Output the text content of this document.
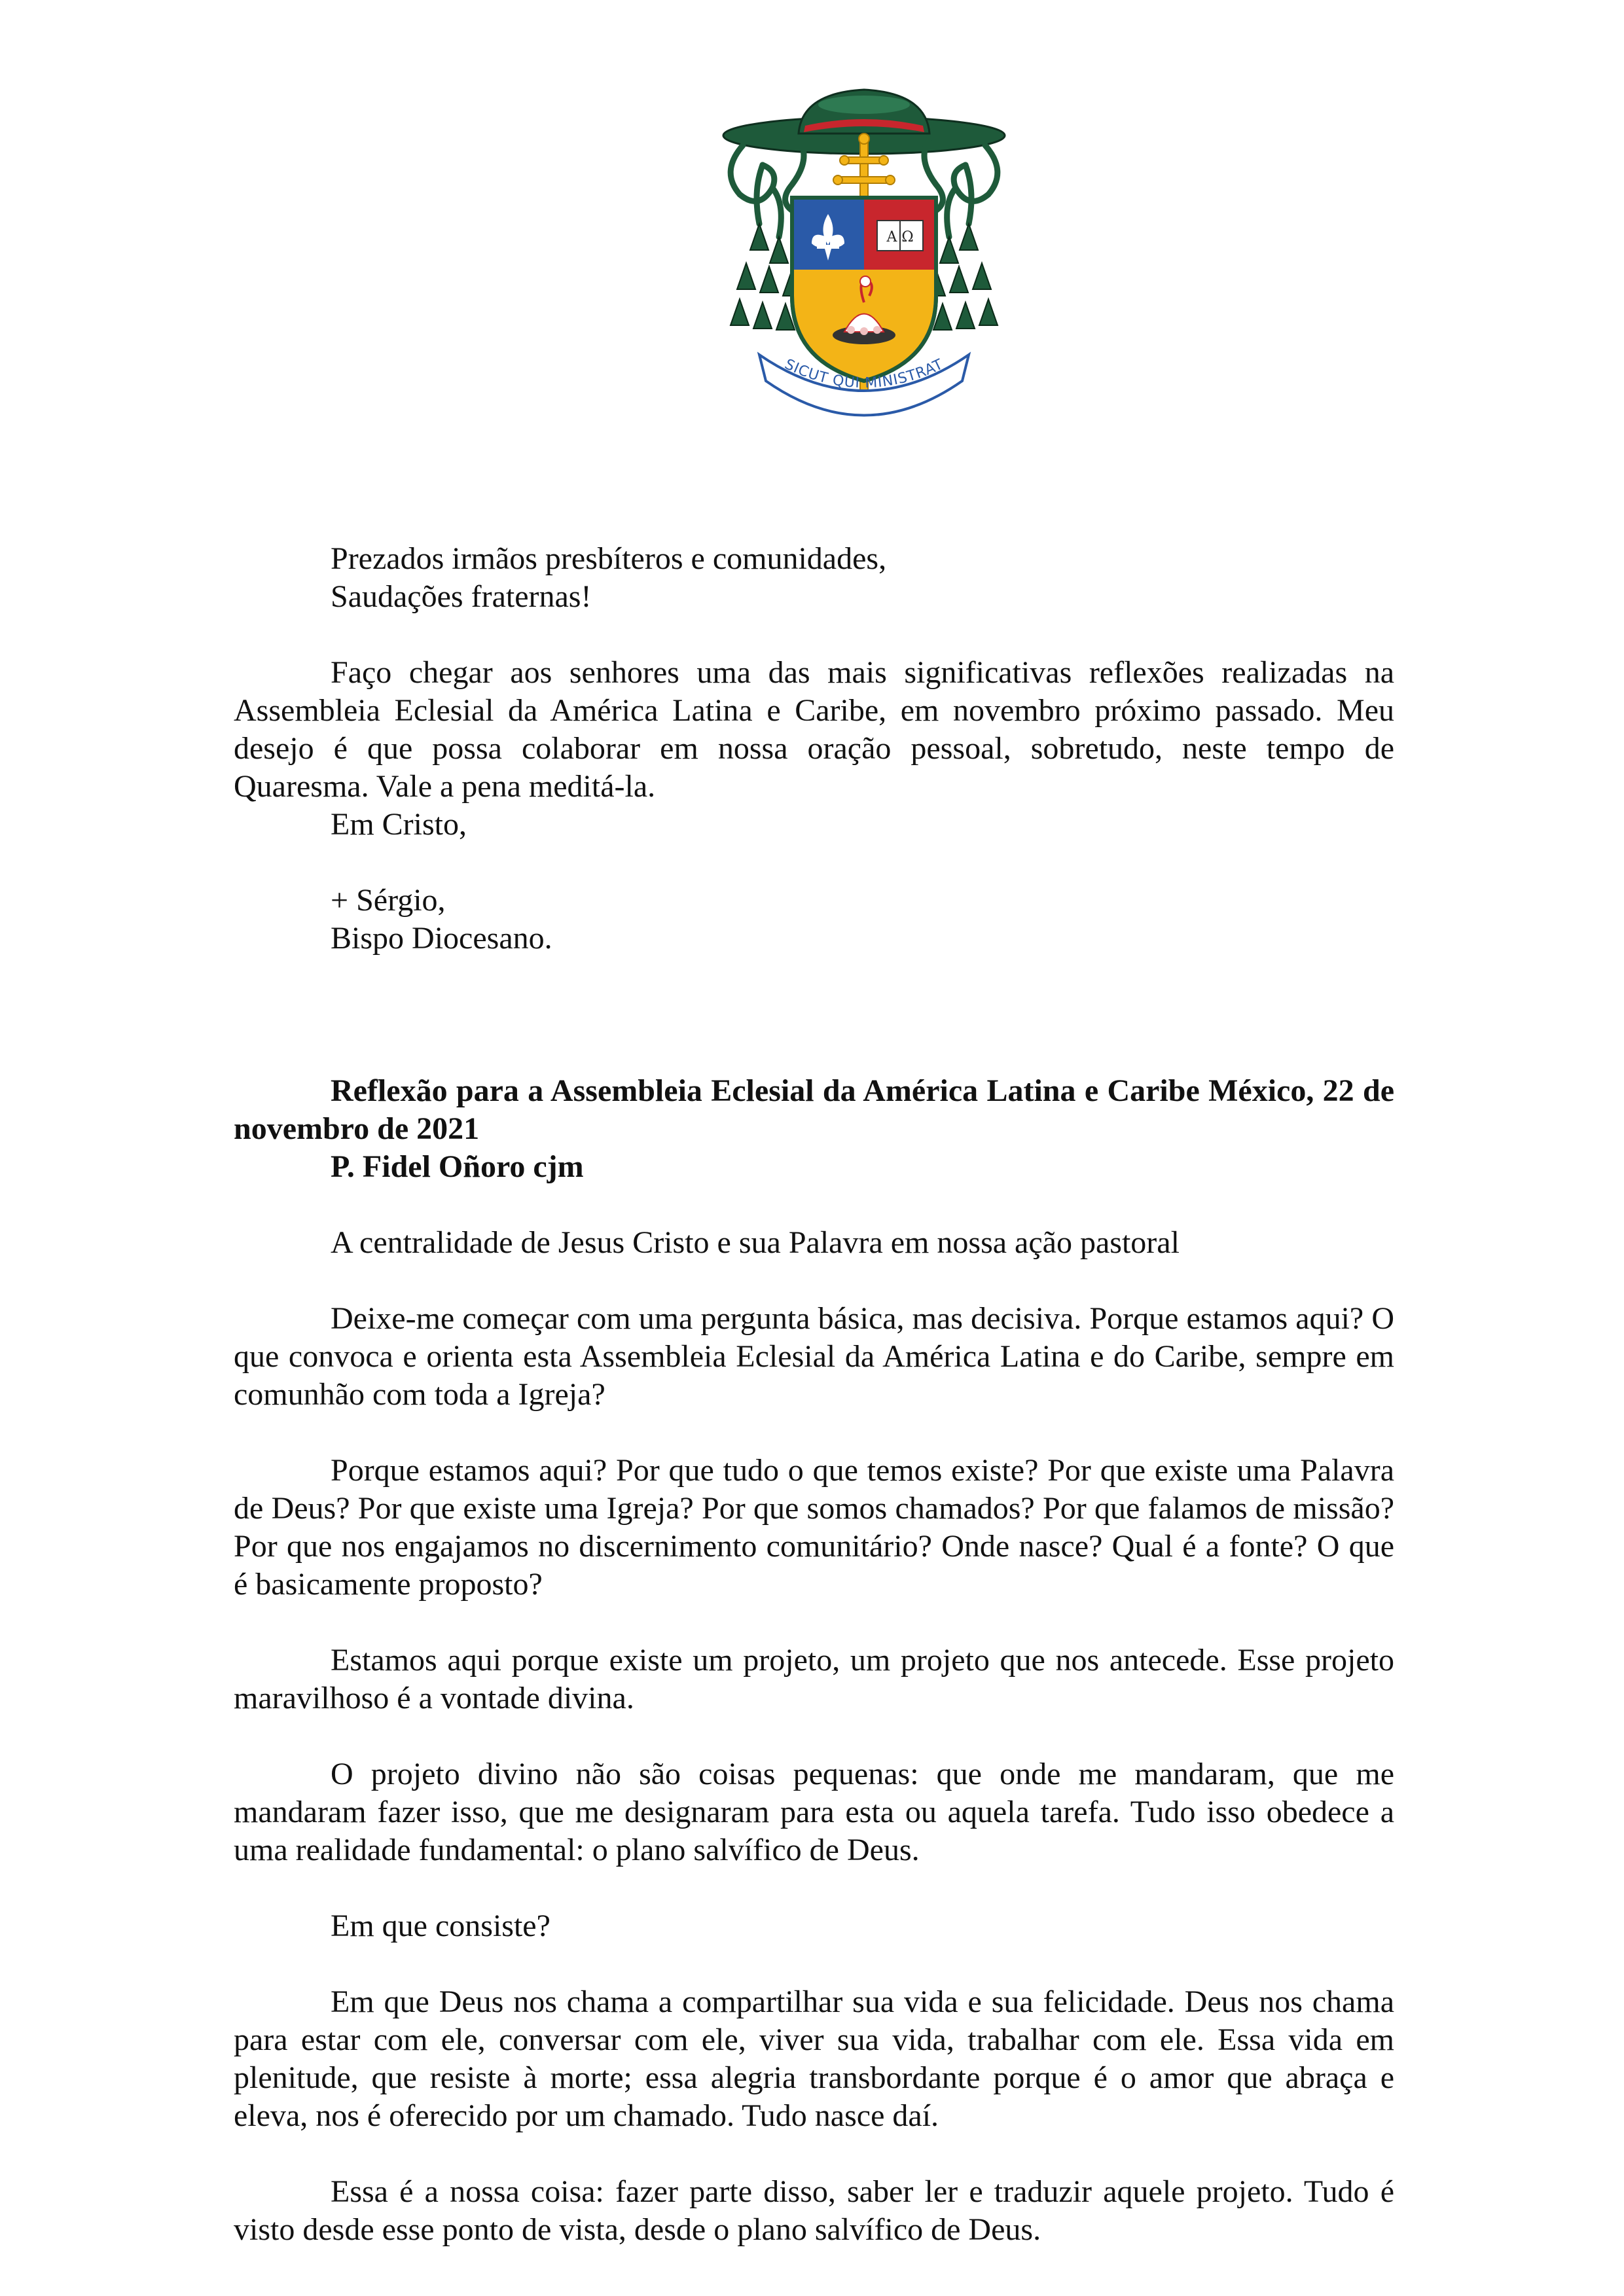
Α Ω
SICUT QUI MINISTRAT
Prezados irmãos presbíteros e comunidades,
Saudações fraternas!

Faço chegar aos senhores uma das mais significativas reflexões realizadas na Assembleia Eclesial da América Latina e Caribe, em novembro próximo passado. Meu desejo é que possa colaborar em nossa oração pessoal, sobretudo, neste tempo de Quaresma. Vale a pena meditá-la.

Em Cristo,
+ Sérgio,
Bispo Diocesano.

Reflexão para a Assembleia Eclesial da América Latina e Caribe México, 22 de novembro de 2021

P. Fidel Oñoro cjm
A centralidade de Jesus Cristo e sua Palavra em nossa ação pastoral

Deixe-me começar com uma pergunta básica, mas decisiva. Porque estamos aqui? O que convoca e orienta esta Assembleia Eclesial da América Latina e do Caribe, sempre em comunhão com toda a Igreja?

Porque estamos aqui? Por que tudo o que temos existe? Por que existe uma Palavra de Deus? Por que existe uma Igreja? Por que somos chamados? Por que falamos de missão? Por que nos engajamos no discernimento comunitário? Onde nasce? Qual é a fonte? O que é basicamente proposto?

Estamos aqui porque existe um projeto, um projeto que nos antecede. Esse projeto maravilhoso é a vontade divina.

O projeto divino não são coisas pequenas: que onde me mandaram, que me mandaram fazer isso, que me designaram para esta ou aquela tarefa. Tudo isso obedece a uma realidade fundamental: o plano salvífico de Deus.

Em que consiste?

Em que Deus nos chama a compartilhar sua vida e sua felicidade. Deus nos chama para estar com ele, conversar com ele, viver sua vida, trabalhar com ele. Essa vida em plenitude, que resiste à morte; essa alegria transbordante porque é o amor que abraça e eleva, nos é oferecido por um chamado. Tudo nasce daí.

Essa é a nossa coisa: fazer parte disso, saber ler e traduzir aquele projeto. Tudo é visto desde esse ponto de vista, desde o plano salvífico de Deus.
